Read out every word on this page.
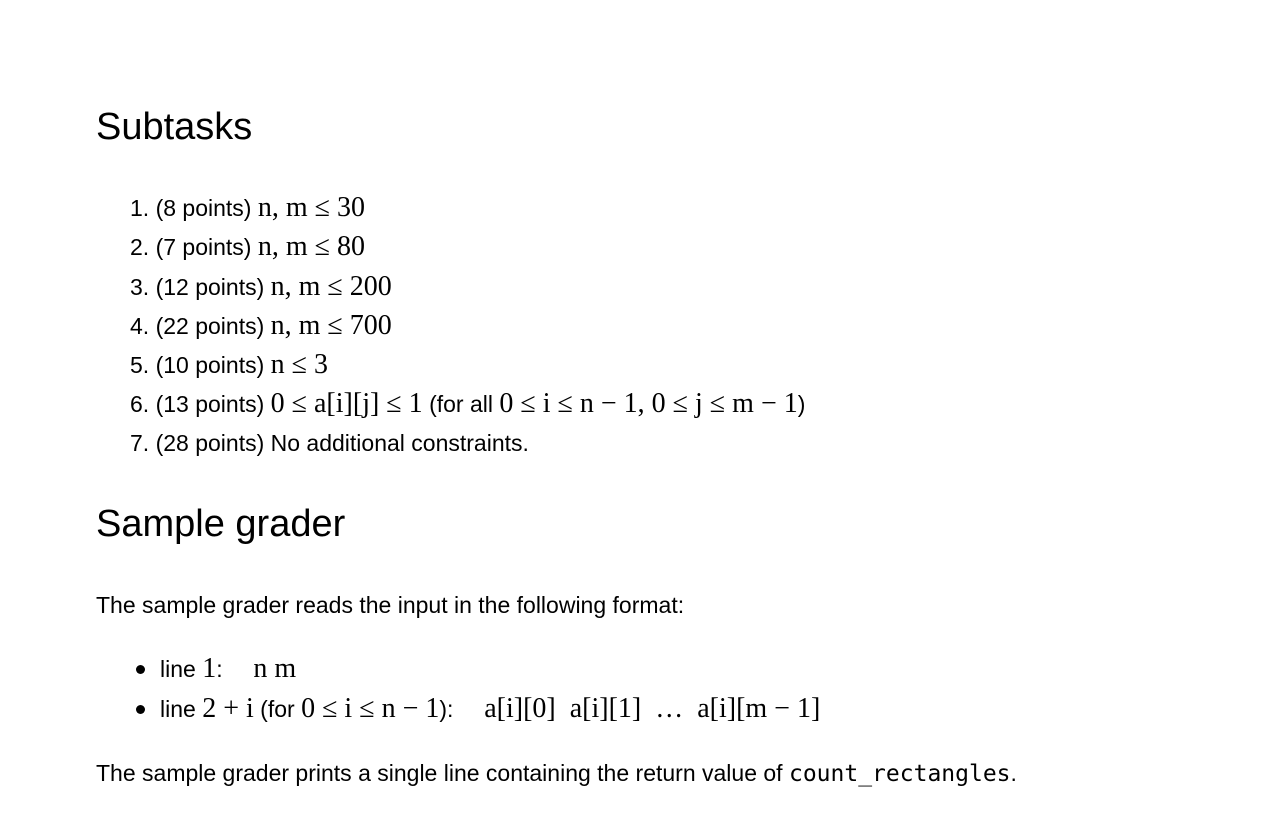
Subtasks
1. (8 points) n, m ≤ 30
2. (7 points) n, m ≤ 80
3. (12 points) n, m ≤ 200
4. (22 points) n, m ≤ 700
5. (10 points) n ≤ 3
6. (13 points) 0 ≤ a[i][j] ≤ 1 (for all 0 ≤ i ≤ n − 1, 0 ≤ j ≤ m − 1)
7. (28 points) No additional constraints.
Sample grader

The sample grader reads the input in the following format:

line 1: n m
line 2 + i (for 0 ≤ i ≤ n − 1): a[i][0]  a[i][1]  …  a[i][m − 1]

The sample grader prints a single line containing the return value of count_rectangles.
